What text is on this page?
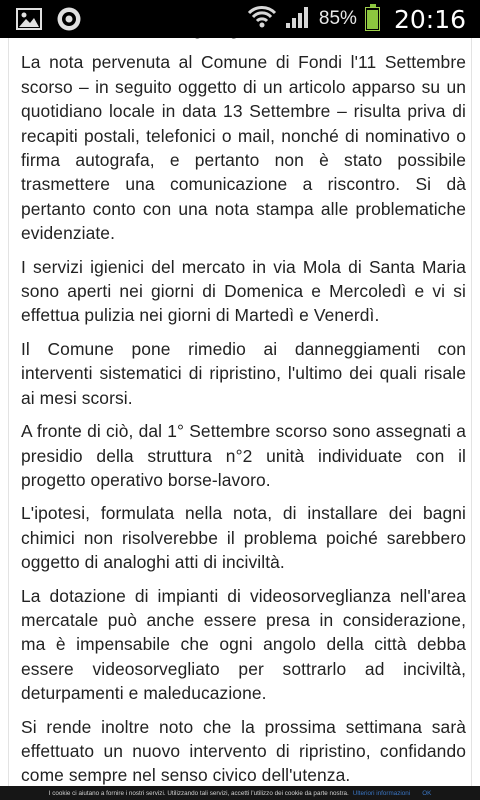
85% 20:16

La nota pervenuta al Comune di Fondi l'11 Settembre scorso – in seguito oggetto di un articolo apparso su un quotidiano locale in data 13 Settembre – risulta priva di recapiti postali, telefonici o mail, nonché di nominativo o firma autografa, e pertanto non è stato possibile trasmettere una comunicazione a riscontro. Si dà pertanto conto con una nota stampa alle problematiche evidenziate.

I servizi igienici del mercato in via Mola di Santa Maria sono aperti nei giorni di Domenica e Mercoledì e vi si effettua pulizia nei giorni di Martedì e Venerdì.

Il Comune pone rimedio ai danneggiamenti con interventi sistematici di ripristino, l'ultimo dei quali risale ai mesi scorsi.

A fronte di ciò, dal 1° Settembre scorso sono assegnati a presidio della struttura n°2 unità individuate con il progetto operativo borse-lavoro.

L'ipotesi, formulata nella nota, di installare dei bagni chimici non risolverebbe il problema poiché sarebbero oggetto di analoghi atti di inciviltà.

La dotazione di impianti di videosorveglianza nell'area mercatale può anche essere presa in considerazione, ma è impensabile che ogni angolo della città debba essere videosorvegliato per sottrarlo ad inciviltà, deturpamenti e maleducazione.

Si rende inoltre noto che la prossima settimana sarà effettuato un nuovo intervento di ripristino, confidando come sempre nel senso civico dell'utenza.

I cookie ci aiutano a fornire i nostri servizi. Utilizzando tali servizi, accetti l'utilizzo dei cookie da parte nostra. Ulteriori informazioni OK
